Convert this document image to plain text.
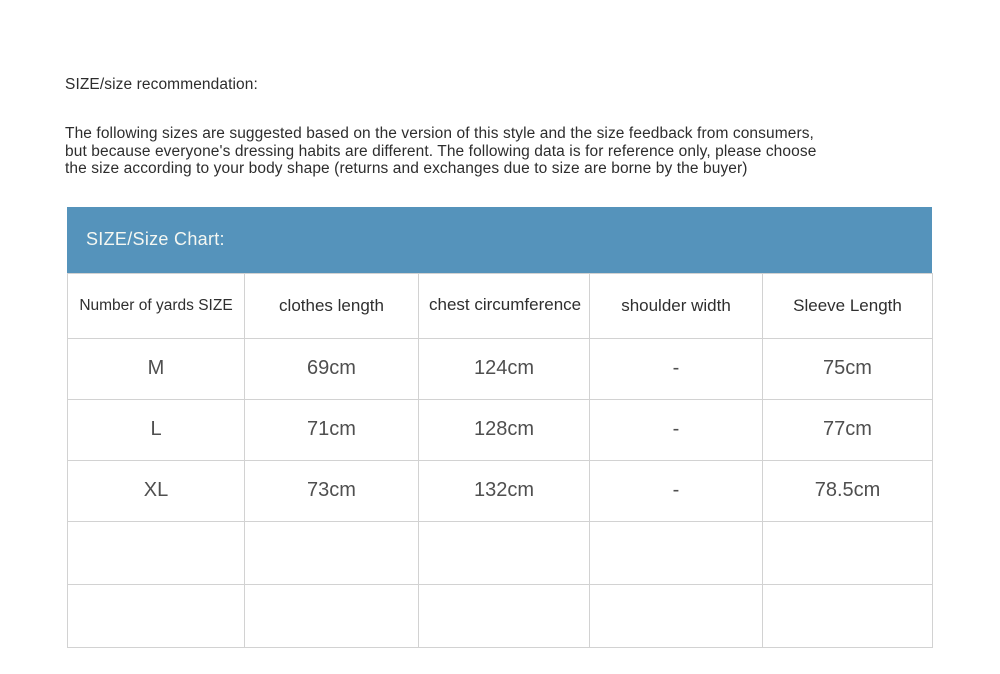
SIZE/size recommendation:
The following sizes are suggested based on the version of this style and the size feedback from consumers,
but because everyone's dressing habits are different. The following data is for reference only, please choose
the size according to your body shape (returns and exchanges due to size are borne by the buyer)
SIZE/Size Chart:
Number of yards SIZE	clothes length	chest circumference	shoulder width	Sleeve Length
M	69cm	124cm	-	75cm
L	71cm	128cm	-	77cm
XL	73cm	132cm	-	78.5cm
